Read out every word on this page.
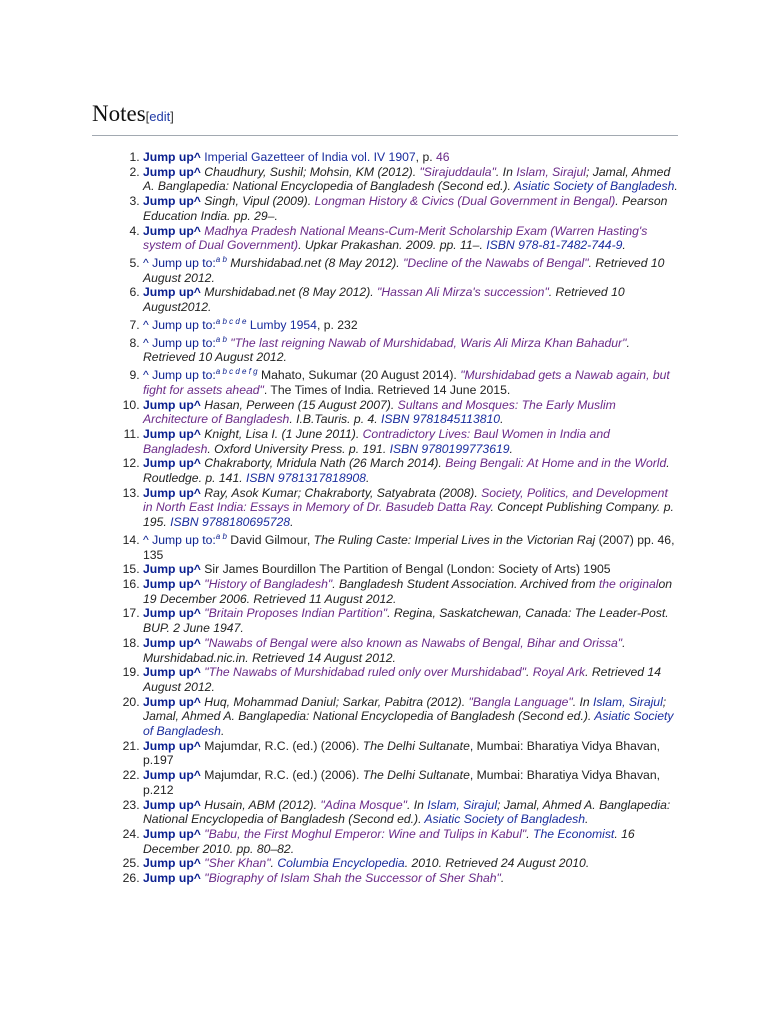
Notes[edit]
1. Jump up^ Imperial Gazetteer of India vol. IV 1907, p. 46
2. Jump up^ Chaudhury, Sushil; Mohsin, KM (2012). "Sirajuddaula". In Islam, Sirajul; Jamal, Ahmed A. Banglapedia: National Encyclopedia of Bangladesh (Second ed.). Asiatic Society of Bangladesh.
3. Jump up^ Singh, Vipul (2009). Longman History & Civics (Dual Government in Bengal). Pearson Education India. pp. 29–.
4. Jump up^ Madhya Pradesh National Means-Cum-Merit Scholarship Exam (Warren Hasting's system of Dual Government). Upkar Prakashan. 2009. pp. 11–. ISBN 978-81-7482-744-9.
5. ^ Jump up to:$^{a b}$ Murshidabad.net (8 May 2012). "Decline of the Nawabs of Bengal". Retrieved 10 August 2012.
6. Jump up^ Murshidabad.net (8 May 2012). "Hassan Ali Mirza's succession". Retrieved 10 August2012.
7. ^ Jump up to:$^{a b c d e}$ Lumby 1954, p. 232
8. ^ Jump up to:$^{a b}$ "The last reigning Nawab of Murshidabad, Waris Ali Mirza Khan Bahadur". Retrieved 10 August 2012.
9. ^ Jump up to:$^{a b c d e f g}$ Mahato, Sukumar (20 August 2014). "Murshidabad gets a Nawab again, but fight for assets ahead". The Times of India. Retrieved 14 June 2015.
10. Jump up^ Hasan, Perween (15 August 2007). Sultans and Mosques: The Early Muslim Architecture of Bangladesh. I.B.Tauris. p. 4. ISBN 9781845113810.
11. Jump up^ Knight, Lisa I. (1 June 2011). Contradictory Lives: Baul Women in India and Bangladesh. Oxford University Press. p. 191. ISBN 9780199773619.
12. Jump up^ Chakraborty, Mridula Nath (26 March 2014). Being Bengali: At Home and in the World. Routledge. p. 141. ISBN 9781317818908.
13. Jump up^ Ray, Asok Kumar; Chakraborty, Satyabrata (2008). Society, Politics, and Development in North East India: Essays in Memory of Dr. Basudeb Datta Ray. Concept Publishing Company. p. 195. ISBN 9788180695728.
14. ^ Jump up to:$^{a b}$ David Gilmour, The Ruling Caste: Imperial Lives in the Victorian Raj (2007) pp. 46, 135
15. Jump up^ Sir James Bourdillon The Partition of Bengal (London: Society of Arts) 1905
16. Jump up^ "History of Bangladesh". Bangladesh Student Association. Archived from the originalon 19 December 2006. Retrieved 11 August 2012.
17. Jump up^ "Britain Proposes Indian Partition". Regina, Saskatchewan, Canada: The Leader-Post. BUP. 2 June 1947.
18. Jump up^ "Nawabs of Bengal were also known as Nawabs of Bengal, Bihar and Orissa". Murshidabad.nic.in. Retrieved 14 August 2012.
19. Jump up^ "The Nawabs of Murshidabad ruled only over Murshidabad". Royal Ark. Retrieved 14 August 2012.
20. Jump up^ Huq, Mohammad Daniul; Sarkar, Pabitra (2012). "Bangla Language". In Islam, Sirajul; Jamal, Ahmed A. Banglapedia: National Encyclopedia of Bangladesh (Second ed.). Asiatic Society of Bangladesh.
21. Jump up^ Majumdar, R.C. (ed.) (2006). The Delhi Sultanate, Mumbai: Bharatiya Vidya Bhavan, p.197
22. Jump up^ Majumdar, R.C. (ed.) (2006). The Delhi Sultanate, Mumbai: Bharatiya Vidya Bhavan, p.212
23. Jump up^ Husain, ABM (2012). "Adina Mosque". In Islam, Sirajul; Jamal, Ahmed A. Banglapedia: National Encyclopedia of Bangladesh (Second ed.). Asiatic Society of Bangladesh.
24. Jump up^ "Babu, the First Moghul Emperor: Wine and Tulips in Kabul". The Economist. 16 December 2010. pp. 80–82.
25. Jump up^ "Sher Khan". Columbia Encyclopedia. 2010. Retrieved 24 August 2010.
26. Jump up^ "Biography of Islam Shah the Successor of Sher Shah".
